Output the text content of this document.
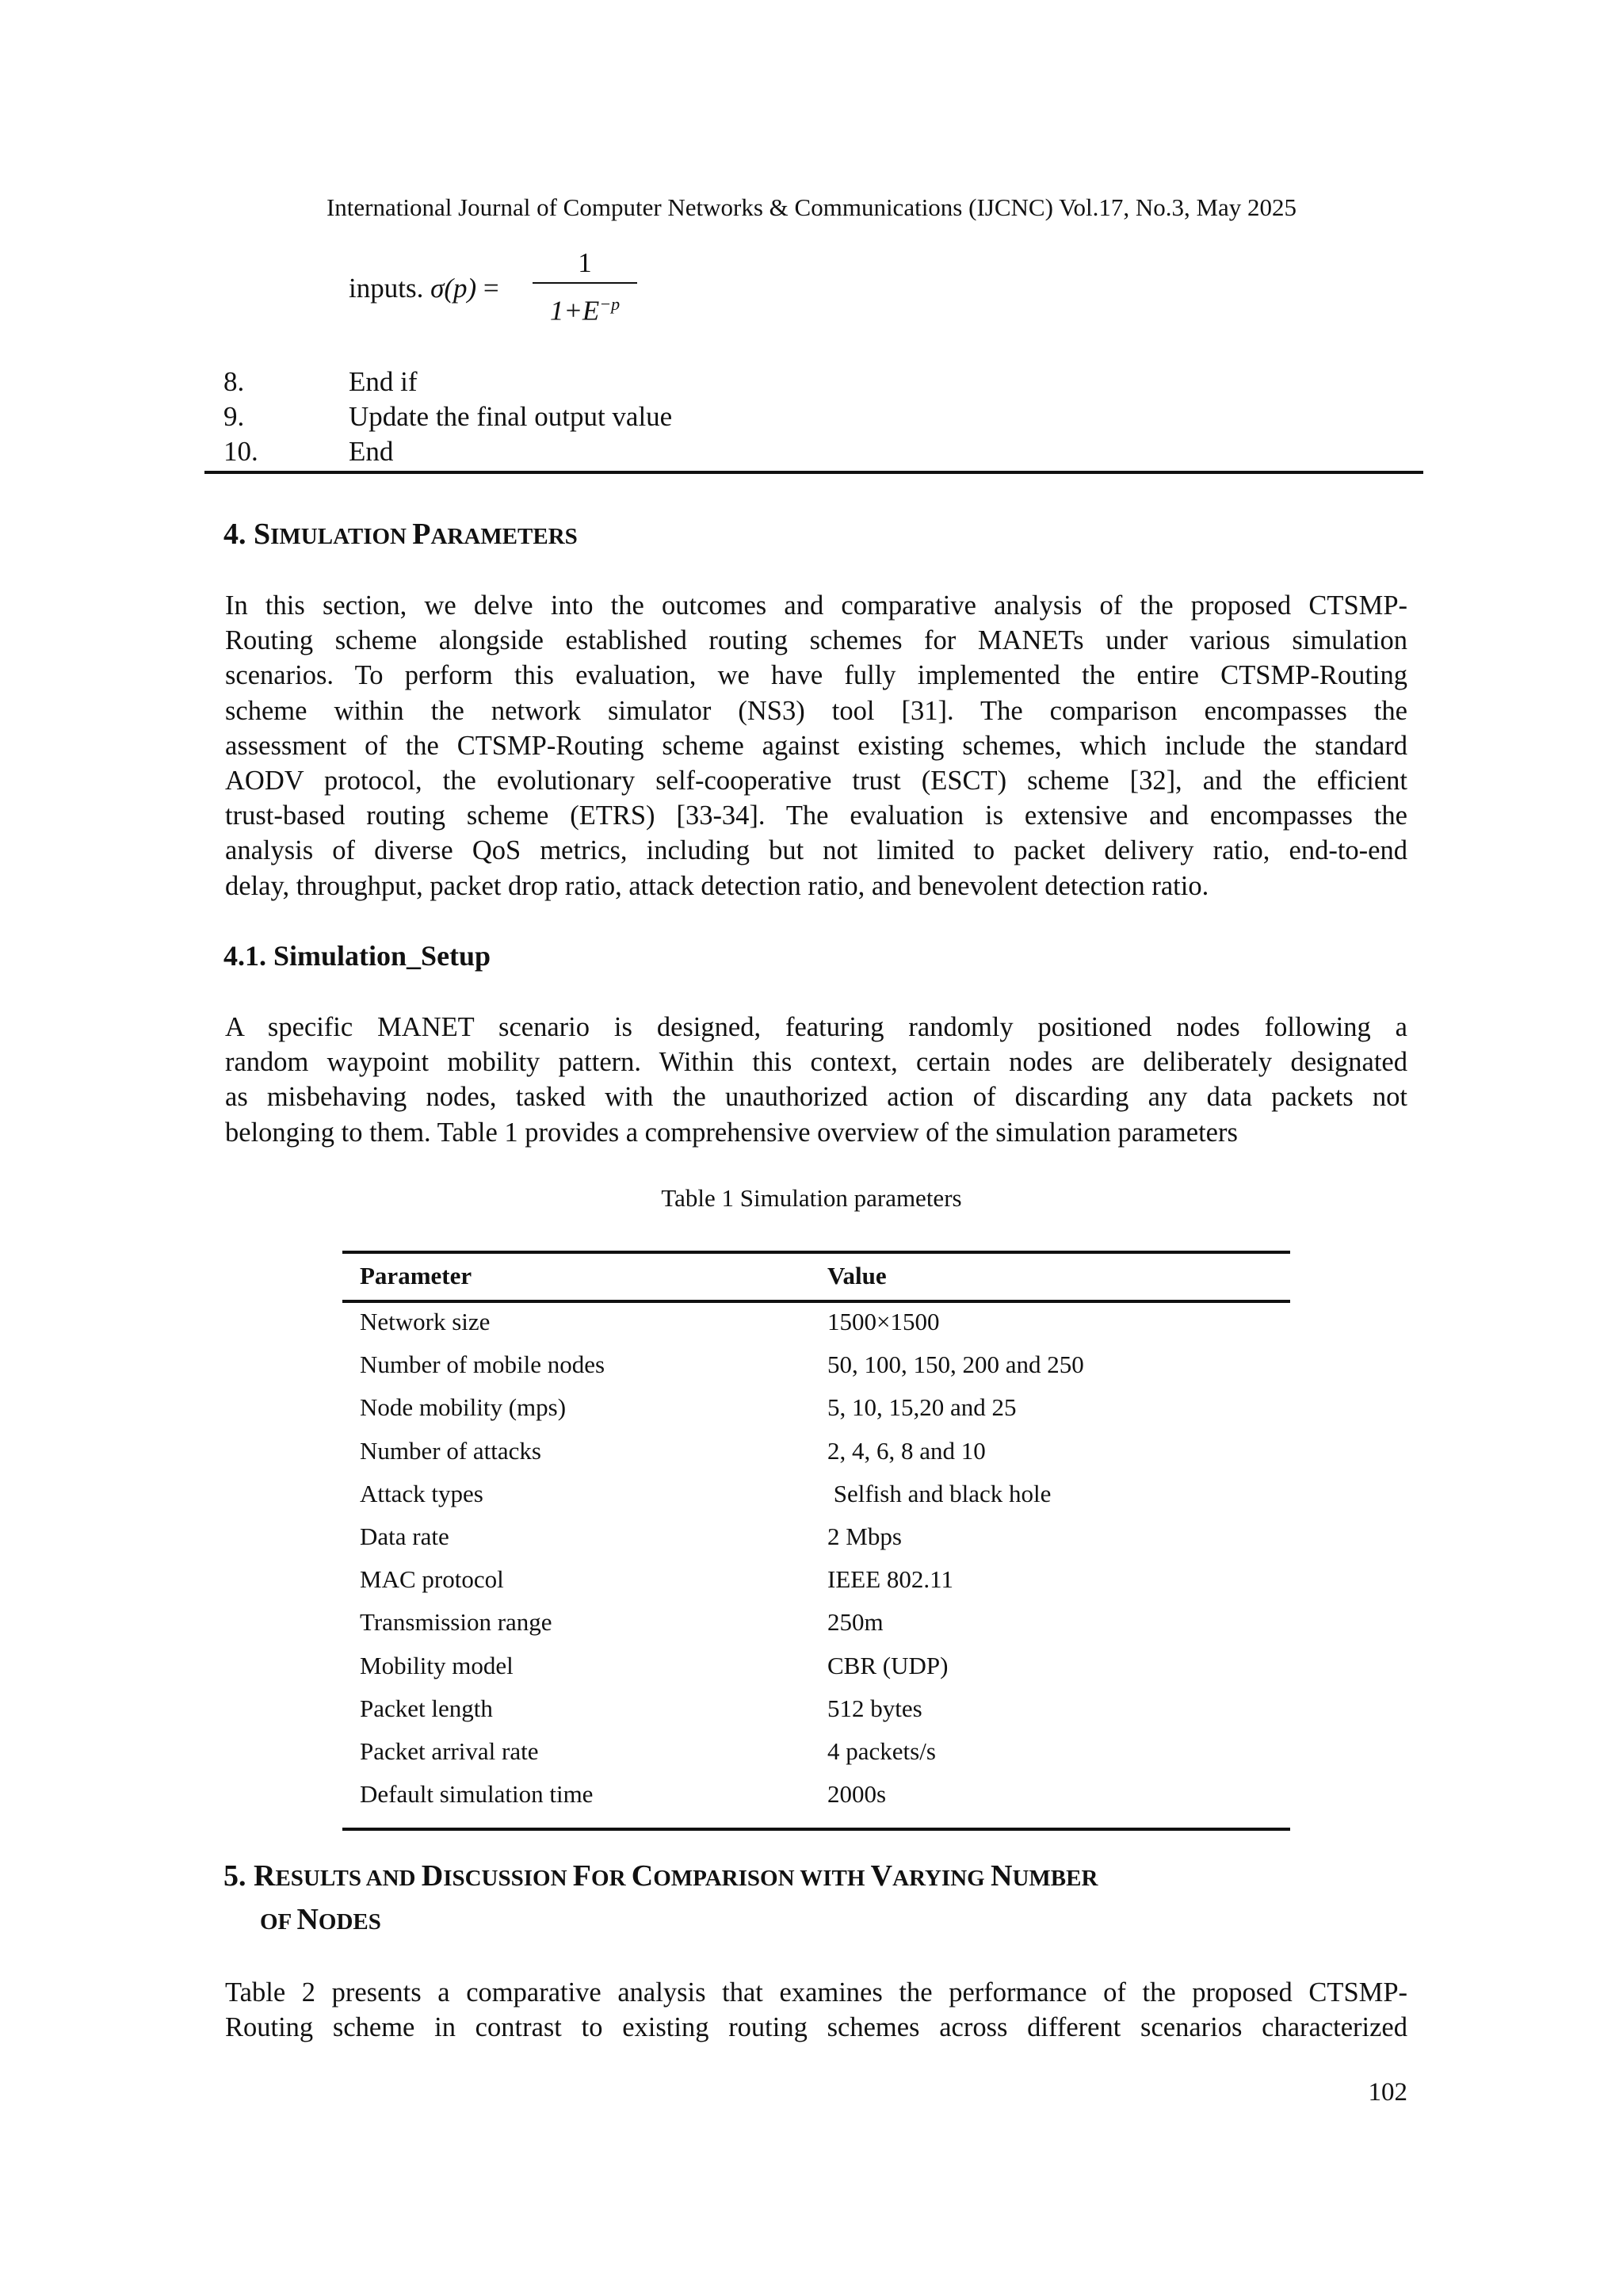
International Journal of Computer Networks & Communications (IJCNC) Vol.17, No.3, May 2025
inputs. σ(p) =
1
$1+E^{-p}$
8.	End if
9.	Update the final output value
10.	End
4. SIMULATION PARAMETERS
In this section, we delve into the outcomes and comparative analysis of the proposed CTSMP-
Routing scheme alongside established routing schemes for MANETs under various simulation
scenarios. To perform this evaluation, we have fully implemented the entire CTSMP-Routing
scheme within the network simulator (NS3) tool [31]. The comparison encompasses the
assessment of the CTSMP-Routing scheme against existing schemes, which include the standard
AODV protocol, the evolutionary self-cooperative trust (ESCT) scheme [32], and the efficient
trust-based routing scheme (ETRS) [33-34]. The evaluation is extensive and encompasses the
analysis of diverse QoS metrics, including but not limited to packet delivery ratio, end-to-end
delay, throughput, packet drop ratio, attack detection ratio, and benevolent detection ratio.
4.1. Simulation_Setup
A specific MANET scenario is designed, featuring randomly positioned nodes following a
random waypoint mobility pattern. Within this context, certain nodes are deliberately designated
as misbehaving nodes, tasked with the unauthorized action of discarding any data packets not
belonging to them. Table 1 provides a comprehensive overview of the simulation parameters
Table 1 Simulation parameters
Parameter	Value
Network size	1500×1500
Number of mobile nodes	50, 100, 150, 200 and 250
Node mobility (mps)	5, 10, 15,20 and 25
Number of attacks	2, 4, 6, 8 and 10
Attack types	Selfish and black hole
Data rate	2 Mbps
MAC protocol	IEEE 802.11
Transmission range	250m
Mobility model	CBR (UDP)
Packet length	512 bytes
Packet arrival rate	4 packets/s
Default simulation time	2000s
5. RESULTS AND DISCUSSION FOR COMPARISON WITH VARYING NUMBER
OF NODES
Table 2 presents a comparative analysis that examines the performance of the proposed CTSMP-
Routing scheme in contrast to existing routing schemes across different scenarios characterized
102
